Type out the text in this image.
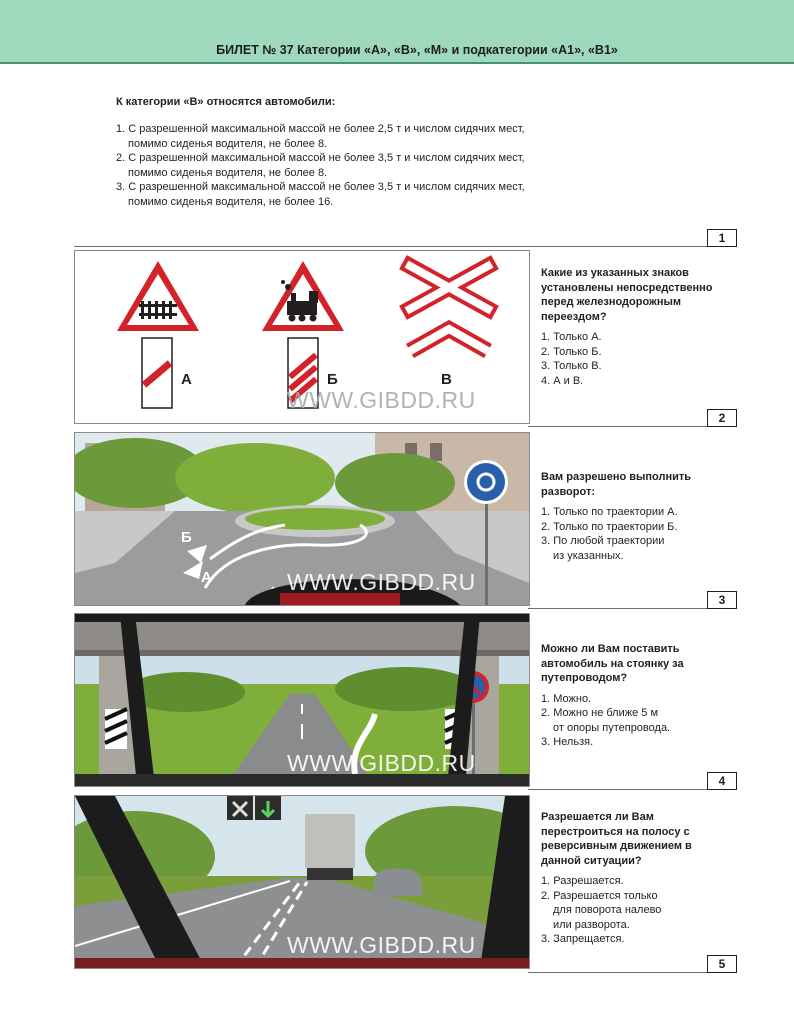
БИЛЕТ № 37 Категории «А», «В», «М» и подкатегории «А1», «В1»
К категории «В» относятся автомобили:
1. С разрешенной максимальной массой не более 2,5 т и числом сидячих мест,
помимо сиденья водителя, не более 8.
2. С разрешенной максимальной массой не более 3,5 т и числом сидячих мест,
помимо сиденья водителя, не более 8.
3. С разрешенной максимальной массой не более 3,5 т и числом сидячих мест,
помимо сиденья водителя, не более 16.
1
А	Б	В
WWW.GIBDD.RU
Какие из указанных знаков установлены непосредственно перед железнодорожным переездом?
1. Только А.
2. Только Б.
3. Только В.
4. А и В.
2
Б
А	WWW.GIBDD.RU
Вам разрешено выполнить разворот:
1. Только по траектории А.
2. Только по траектории Б.
3. По любой траектории
из указанных.
3
WWW.GIBDD.RU
Можно ли Вам поставить автомобиль на стоянку за путепроводом?
1. Можно.
2. Можно не ближе 5 м
от опоры путепровода.
3. Нельзя.
4
WWW.GIBDD.RU
Разрешается ли Вам перестроиться на полосу с реверсивным движением в данной ситуации?
1. Разрешается.
2. Разрешается только
для поворота налево
или разворота.
3. Запрещается.
5
